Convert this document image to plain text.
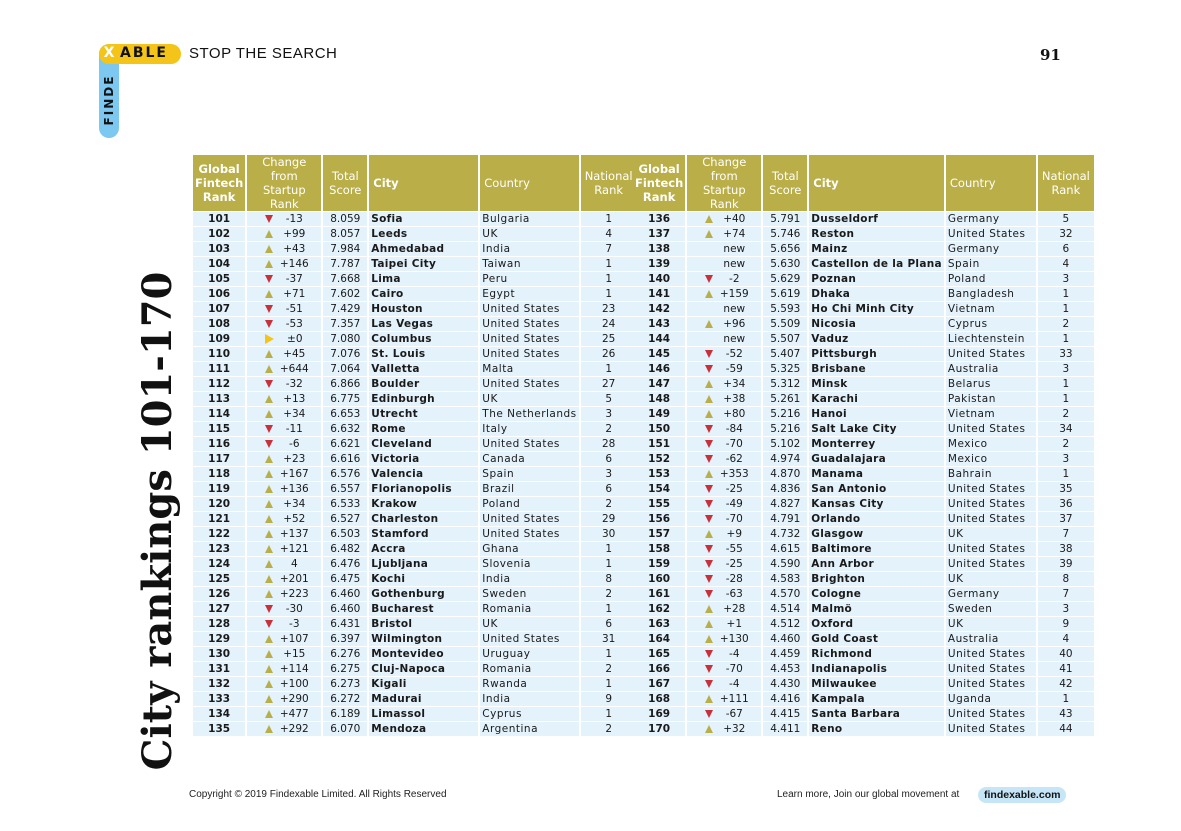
X ABLE
FINDE
STOP THE SEARCH	91
City rankings 101-170
Global Fintech Rank	Change from Startup Rank	Total Score	City	Country	National Rank
101	-13	8.059	Sofia	Bulgaria	1
102	+99	8.057	Leeds	UK	4
103	+43	7.984	Ahmedabad	India	7
104	+146	7.787	Taipei City	Taiwan	1
105	-37	7.668	Lima	Peru	1
106	+71	7.602	Cairo	Egypt	1
107	-51	7.429	Houston	United States	23
108	-53	7.357	Las Vegas	United States	24
109	±0	7.080	Columbus	United States	25
110	+45	7.076	St. Louis	United States	26
111	+644	7.064	Valletta	Malta	1
112	-32	6.866	Boulder	United States	27
113	+13	6.775	Edinburgh	UK	5
114	+34	6.653	Utrecht	The Netherlands	3
115	-11	6.632	Rome	Italy	2
116	-6	6.621	Cleveland	United States	28
117	+23	6.616	Victoria	Canada	6
118	+167	6.576	Valencia	Spain	3
119	+136	6.557	Florianopolis	Brazil	6
120	+34	6.533	Krakow	Poland	2
121	+52	6.527	Charleston	United States	29
122	+137	6.503	Stamford	United States	30
123	+121	6.482	Accra	Ghana	1
124	4	6.476	Ljubljana	Slovenia	1
125	+201	6.475	Kochi	India	8
126	+223	6.460	Gothenburg	Sweden	2
127	-30	6.460	Bucharest	Romania	1
128	-3	6.431	Bristol	UK	6
129	+107	6.397	Wilmington	United States	31
130	+15	6.276	Montevideo	Uruguay	1
131	+114	6.275	Cluj-Napoca	Romania	2
132	+100	6.273	Kigali	Rwanda	1
133	+290	6.272	Madurai	India	9
134	+477	6.189	Limassol	Cyprus	1
135	+292	6.070	Mendoza	Argentina	2
Global Fintech Rank	Change from Startup Rank	Total Score	City	Country	National Rank
136	+40	5.791	Dusseldorf	Germany	5
137	+74	5.746	Reston	United States	32
138	new	5.656	Mainz	Germany	6
139	new	5.630	Castellon de la Plana	Spain	4
140	-2	5.629	Poznan	Poland	3
141	+159	5.619	Dhaka	Bangladesh	1
142	new	5.593	Ho Chi Minh City	Vietnam	1
143	+96	5.509	Nicosia	Cyprus	2
144	new	5.507	Vaduz	Liechtenstein	1
145	-52	5.407	Pittsburgh	United States	33
146	-59	5.325	Brisbane	Australia	3
147	+34	5.312	Minsk	Belarus	1
148	+38	5.261	Karachi	Pakistan	1
149	+80	5.216	Hanoi	Vietnam	2
150	-84	5.216	Salt Lake City	United States	34
151	-70	5.102	Monterrey	Mexico	2
152	-62	4.974	Guadalajara	Mexico	3
153	+353	4.870	Manama	Bahrain	1
154	-25	4.836	San Antonio	United States	35
155	-49	4.827	Kansas City	United States	36
156	-70	4.791	Orlando	United States	37
157	+9	4.732	Glasgow	UK	7
158	-55	4.615	Baltimore	United States	38
159	-25	4.590	Ann Arbor	United States	39
160	-28	4.583	Brighton	UK	8
161	-63	4.570	Cologne	Germany	7
162	+28	4.514	Malmö	Sweden	3
163	+1	4.512	Oxford	UK	9
164	+130	4.460	Gold Coast	Australia	4
165	-4	4.459	Richmond	United States	40
166	-70	4.453	Indianapolis	United States	41
167	-4	4.430	Milwaukee	United States	42
168	+111	4.416	Kampala	Uganda	1
169	-67	4.415	Santa Barbara	United States	43
170	+32	4.411	Reno	United States	44
Copyright © 2019 Findexable Limited. All Rights Reserved	Learn more, Join our global movement at	findexable.com
